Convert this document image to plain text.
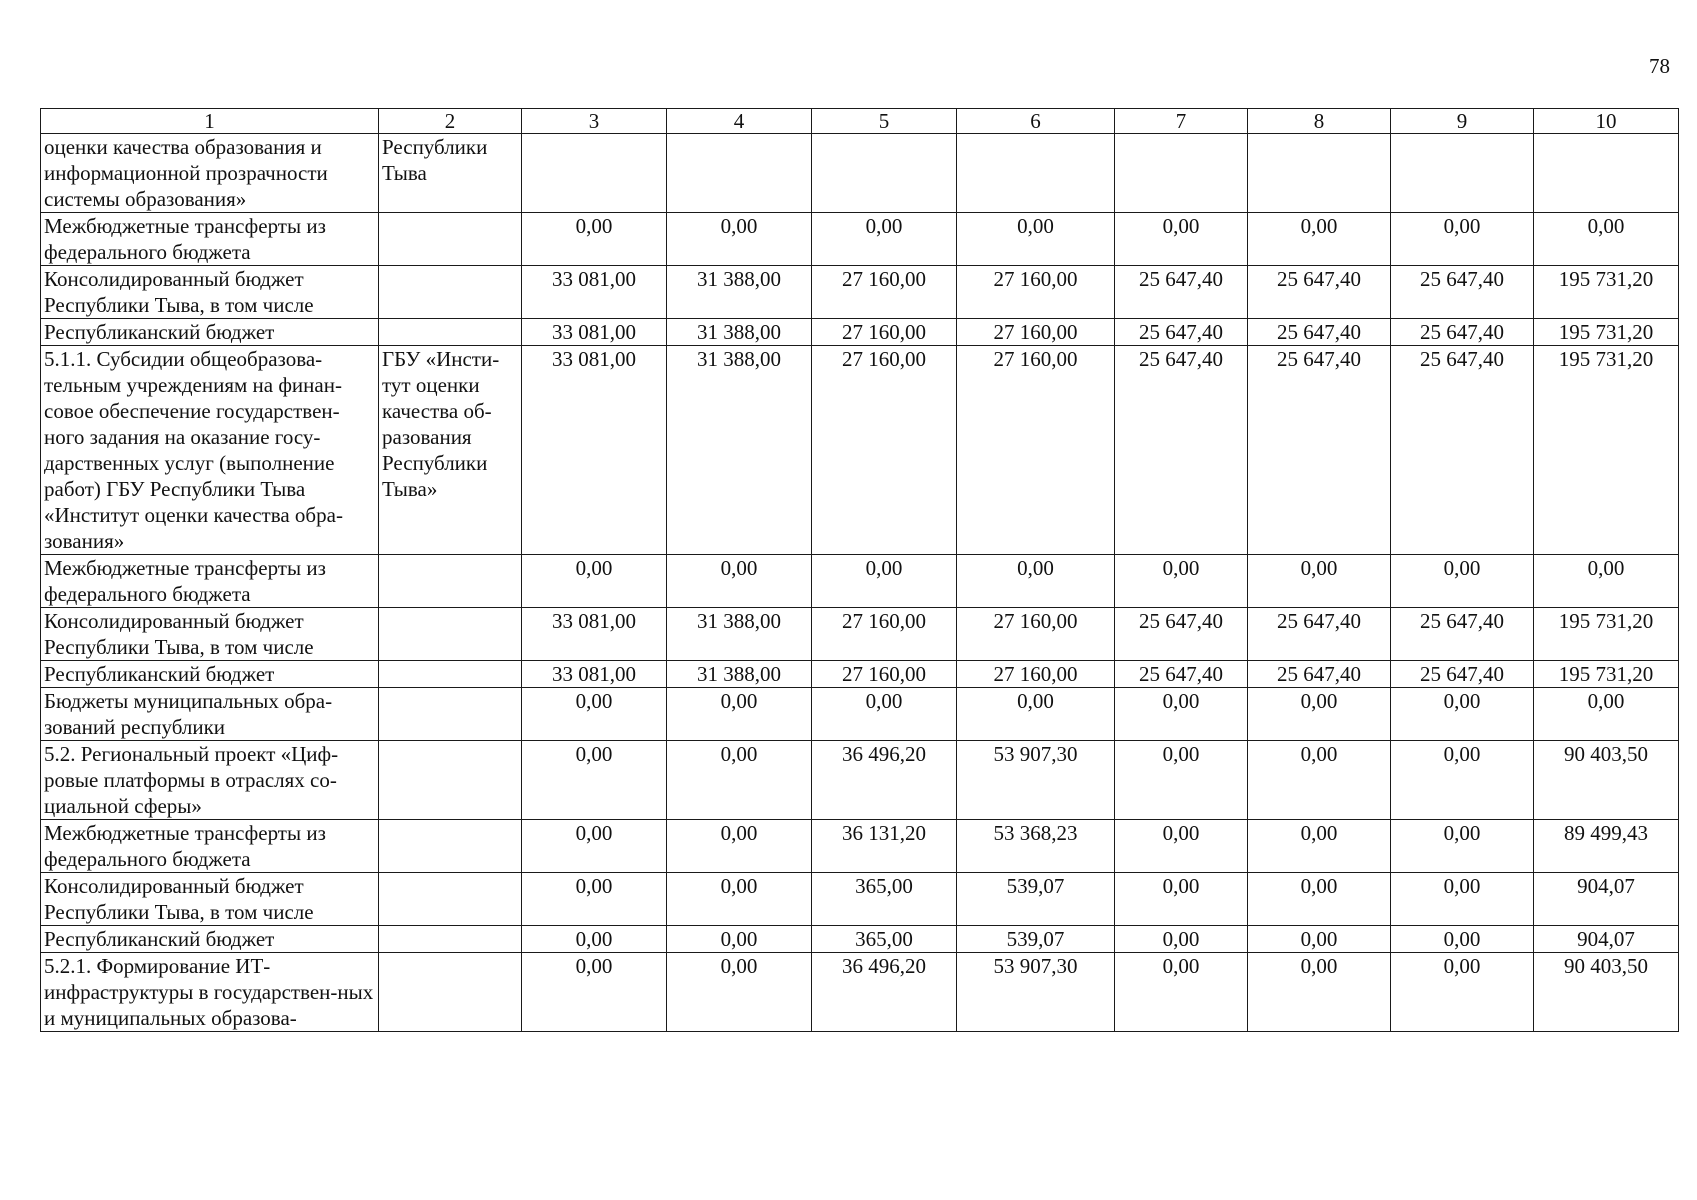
78
1	2	3	4	5	6	7	8	9	10
оценки качества образования и информационной прозрачности системы образования»	Республики Тыва								
Межбюджетные трансферты из федерального бюджета		0,00	0,00	0,00	0,00	0,00	0,00	0,00	0,00
Консолидированный бюджет Республики Тыва, в том числе		33 081,00	31 388,00	27 160,00	27 160,00	25 647,40	25 647,40	25 647,40	195 731,20
Республиканский бюджет		33 081,00	31 388,00	27 160,00	27 160,00	25 647,40	25 647,40	25 647,40	195 731,20
5.1.1. Субсидии общеобразова-тельным учреждениям на финан-совое обеспечение государствен-ного задания на оказание госу-дарственных услуг (выполнение работ) ГБУ Республики Тыва «Институт оценки качества обра-зования»	ГБУ «Инсти-тут оценки качества об-разования Республики Тыва»	33 081,00	31 388,00	27 160,00	27 160,00	25 647,40	25 647,40	25 647,40	195 731,20
Межбюджетные трансферты из федерального бюджета		0,00	0,00	0,00	0,00	0,00	0,00	0,00	0,00
Консолидированный бюджет Республики Тыва, в том числе		33 081,00	31 388,00	27 160,00	27 160,00	25 647,40	25 647,40	25 647,40	195 731,20
Республиканский бюджет		33 081,00	31 388,00	27 160,00	27 160,00	25 647,40	25 647,40	25 647,40	195 731,20
Бюджеты муниципальных обра-зований республики		0,00	0,00	0,00	0,00	0,00	0,00	0,00	0,00
5.2. Региональный проект «Циф-ровые платформы в отраслях со-циальной сферы»		0,00	0,00	36 496,20	53 907,30	0,00	0,00	0,00	90 403,50
Межбюджетные трансферты из федерального бюджета		0,00	0,00	36 131,20	53 368,23	0,00	0,00	0,00	89 499,43
Консолидированный бюджет Республики Тыва, в том числе		0,00	0,00	365,00	539,07	0,00	0,00	0,00	904,07
Республиканский бюджет		0,00	0,00	365,00	539,07	0,00	0,00	0,00	904,07
5.2.1. Формирование ИТ-инфраструктуры в государствен-ных и муниципальных образова-		0,00	0,00	36 496,20	53 907,30	0,00	0,00	0,00	90 403,50
